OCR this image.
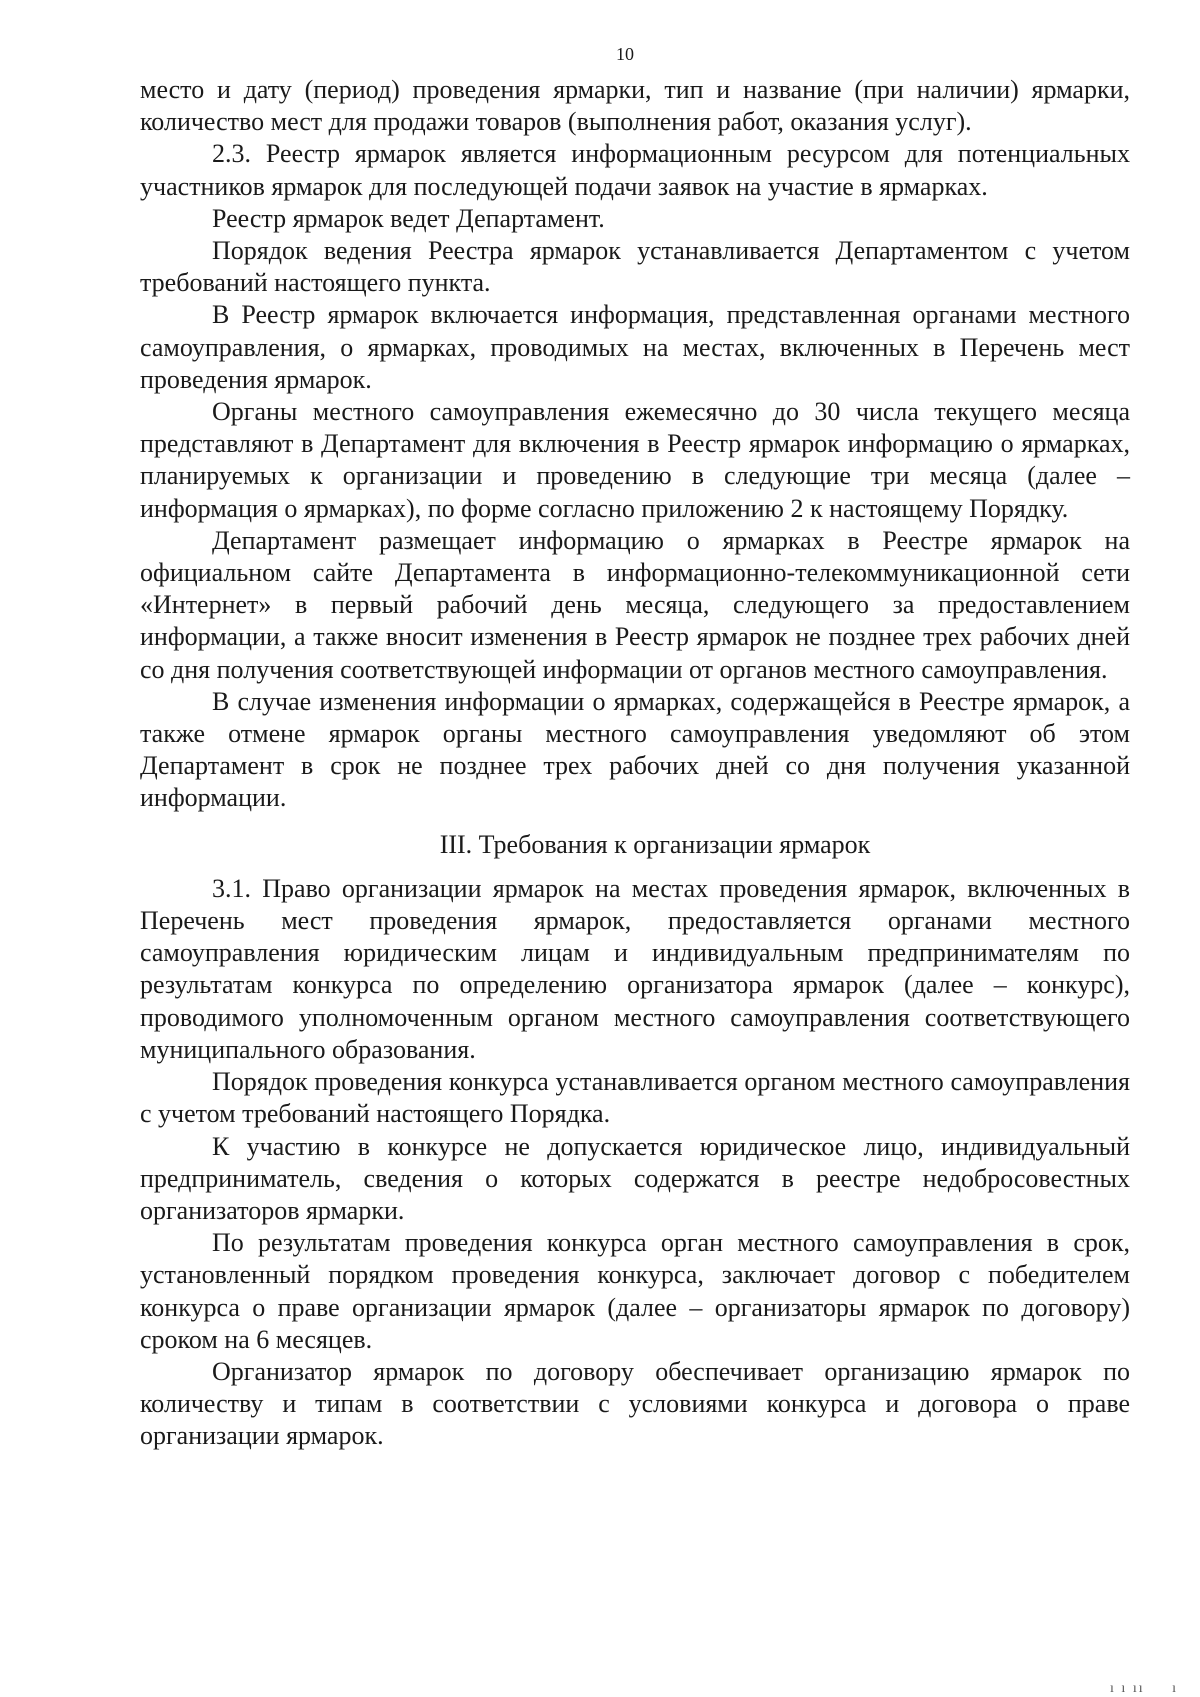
10

место и дату (период) проведения ярмарки, тип и название (при наличии) ярмарки, количество мест для продажи товаров (выполнения работ, оказания услуг).

2.3. Реестр ярмарок является информационным ресурсом для потенциальных участников ярмарок для последующей подачи заявок на участие в ярмарках.

Реестр ярмарок ведет Департамент.

Порядок ведения Реестра ярмарок устанавливается Департаментом с учетом требований настоящего пункта.

В Реестр ярмарок включается информация, представленная органами местного самоуправления, о ярмарках, проводимых на местах, включенных в Перечень мест проведения ярмарок.

Органы местного самоуправления ежемесячно до 30 числа текущего месяца представляют в Департамент для включения в Реестр ярмарок информацию о ярмарках, планируемых к организации и проведению в следующие три месяца (далее – информация о ярмарках), по форме согласно приложению 2 к настоящему Порядку.

Департамент размещает информацию о ярмарках в Реестре ярмарок на официальном сайте Департамента в информационно-телекоммуникационной сети «Интернет» в первый рабочий день месяца, следующего за предоставлением информации, а также вносит изменения в Реестр ярмарок не позднее трех рабочих дней со дня получения соответствующей информации от органов местного самоуправления.

В случае изменения информации о ярмарках, содержащейся в Реестре ярмарок, а также отмене ярмарок органы местного самоуправления уведомляют об этом Департамент в срок не позднее трех рабочих дней со дня получения указанной информации.

III. Требования к организации ярмарок

3.1. Право организации ярмарок на местах проведения ярмарок, включенных в Перечень мест проведения ярмарок, предоставляется органами местного самоуправления юридическим лицам и индивидуальным предпринимателям по результатам конкурса по определению организатора ярмарок (далее – конкурс), проводимого уполномоченным органом местного самоуправления соответствующего муниципального образования.

Порядок проведения конкурса устанавливается органом местного самоуправления с учетом требований настоящего Порядка.

К участию в конкурсе не допускается юридическое лицо, индивидуальный предприниматель, сведения о которых содержатся в реестре недобросовестных организаторов ярмарки.

По результатам проведения конкурса орган местного самоуправления в срок, установленный порядком проведения конкурса, заключает договор с победителем конкурса о праве организации ярмарок (далее – организаторы ярмарок по договору) сроком на 6 месяцев.

Организатор ярмарок по договору обеспечивает организацию ярмарок по количеству и типам в соответствии с условиями конкурса и договора о праве организации ярмарок.

ı ı ıı     ı
